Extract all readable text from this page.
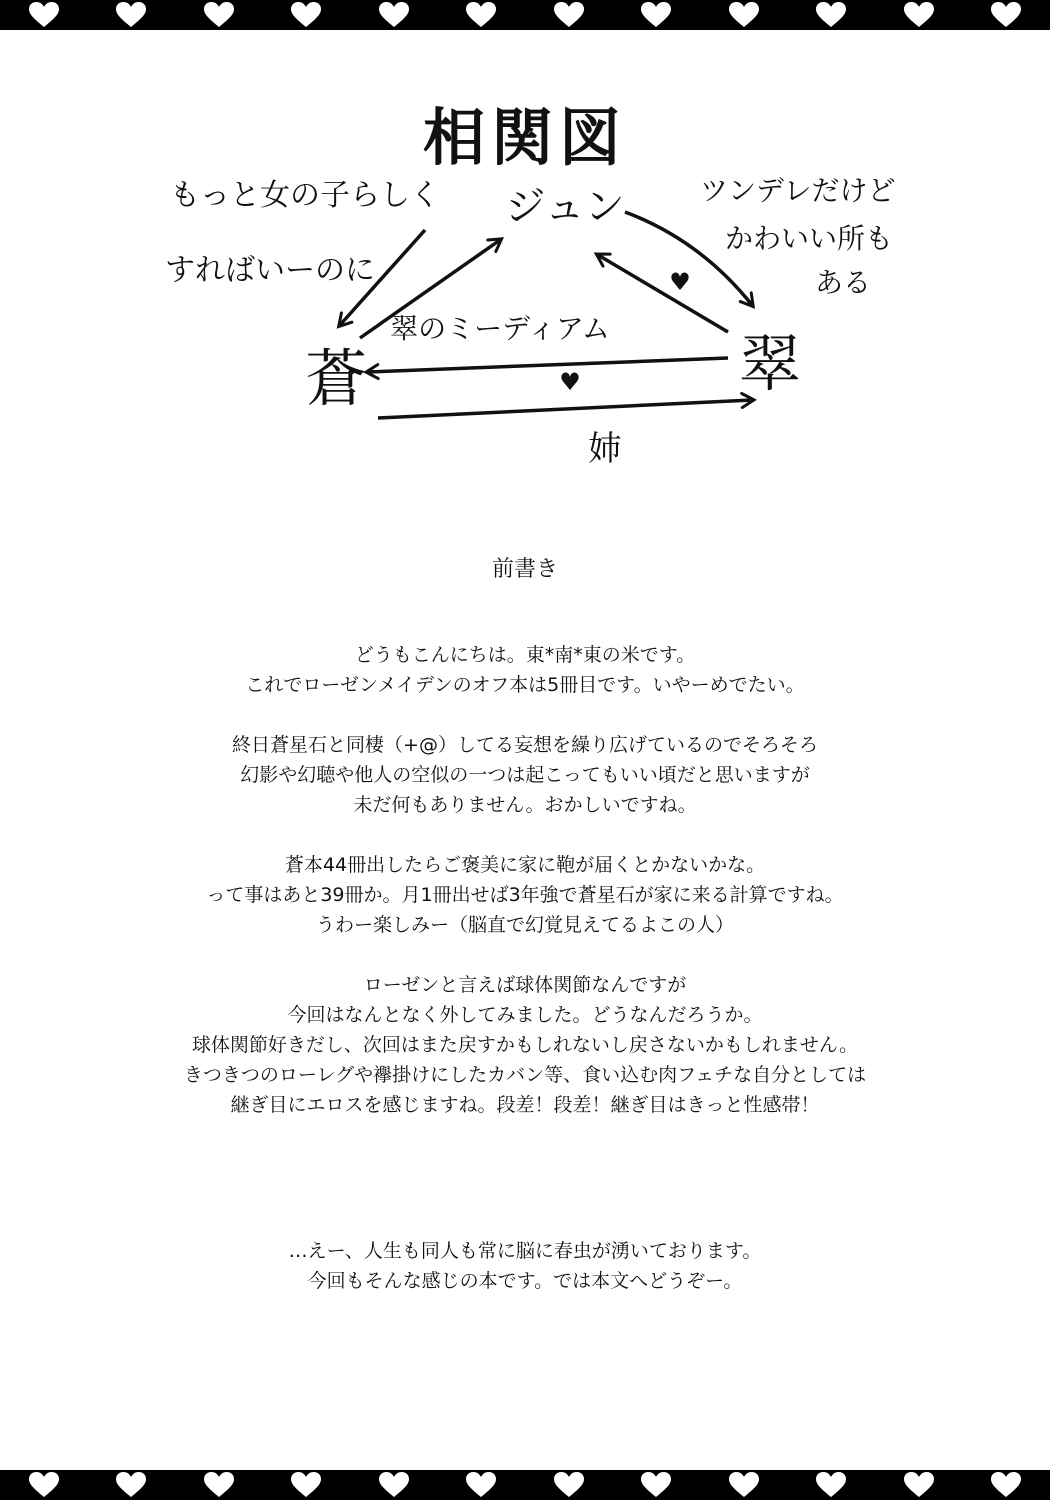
相関図
ジュン
蒼	翠
もっと女の子らしく
すればいーのに
ツンデレだけど
かわいい所も
ある
翠のミーディアム
姉
♥
♥
前書き

どうもこんにちは。東*南*東の米です。
これでローゼンメイデンのオフ本は5冊目です。いやーめでたい。

終日蒼星石と同棲（+@）してる妄想を繰り広げているのでそろそろ
幻影や幻聴や他人の空似の一つは起こってもいい頃だと思いますが
未だ何もありません。おかしいですね。

蒼本44冊出したらご褒美に家に鞄が届くとかないかな。
って事はあと39冊か。月1冊出せば3年強で蒼星石が家に来る計算ですね。
うわー楽しみー（脳直で幻覚見えてるよこの人）

ローゼンと言えば球体関節なんですが
今回はなんとなく外してみました。どうなんだろうか。
球体関節好きだし、次回はまた戻すかもしれないし戻さないかもしれません。
きつきつのローレグや襷掛けにしたカバン等、食い込む肉フェチな自分としては
継ぎ目にエロスを感じますね。段差！段差！継ぎ目はきっと性感帯！

…えー、人生も同人も常に脳に春虫が湧いております。
今回もそんな感じの本です。では本文へどうぞー。
